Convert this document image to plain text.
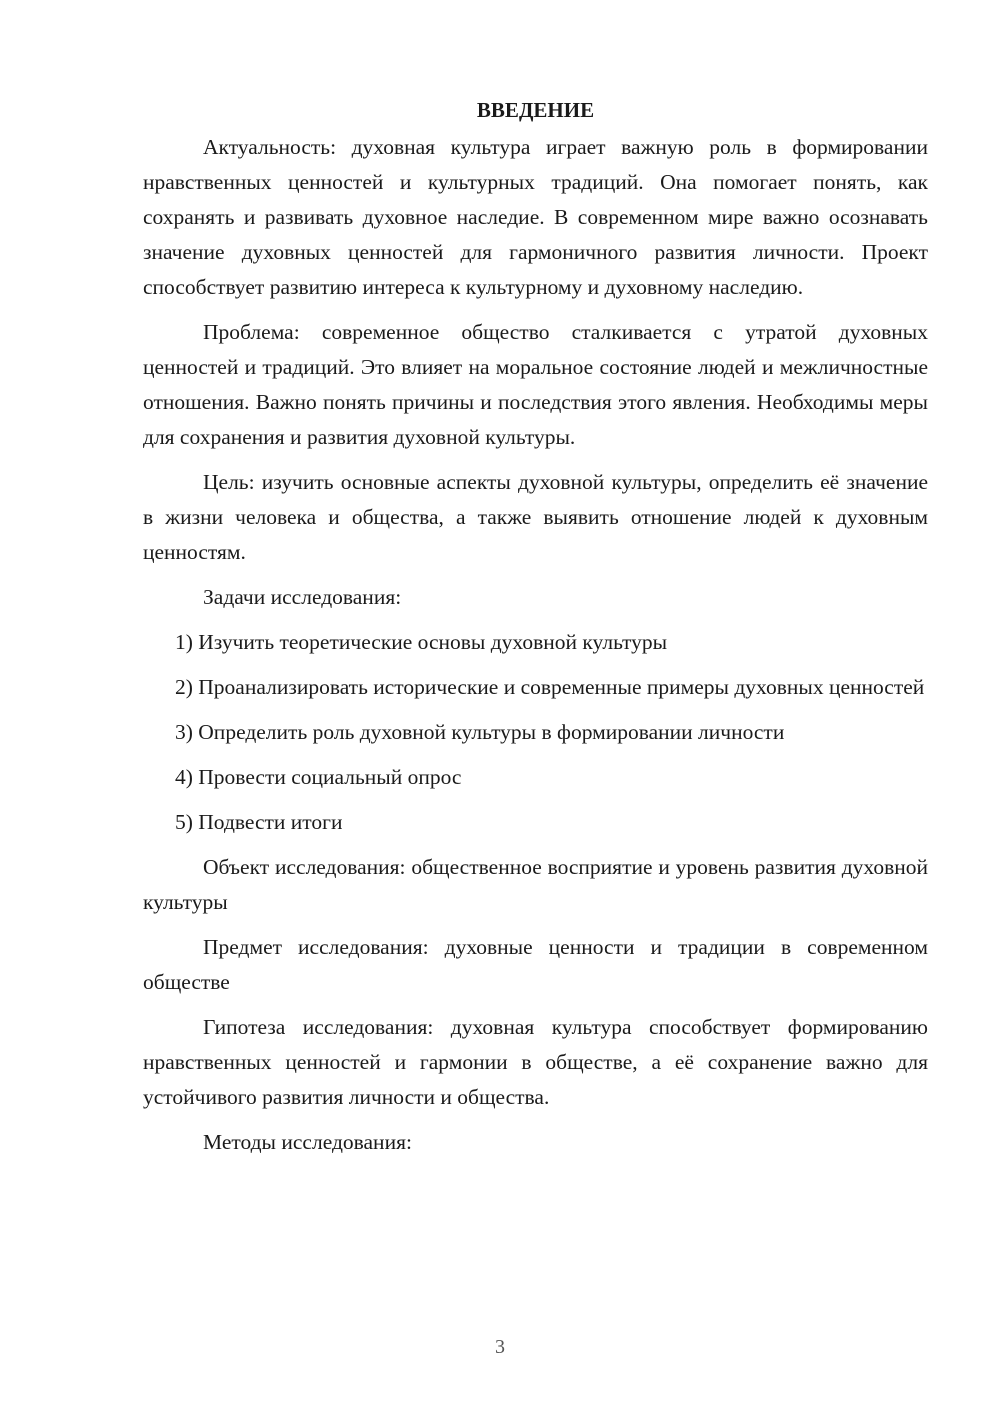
ВВЕДЕНИЕ

Актуальность: духовная культура играет важную роль в формировании нравственных ценностей и культурных традиций. Она помогает понять, как сохранять и развивать духовное наследие. В современном мире важно осознавать значение духовных ценностей для гармоничного развития личности. Проект способствует развитию интереса к культурному и духовному наследию.

Проблема: современное общество сталкивается с утратой духовных ценностей и традиций. Это влияет на моральное состояние людей и межличностные отношения. Важно понять причины и последствия этого явления. Необходимы меры для сохранения и развития духовной культуры.

Цель: изучить основные аспекты духовной культуры, определить её значение в жизни человека и общества, а также выявить отношение людей к духовным ценностям.

Задачи исследования:

1) Изучить теоретические основы духовной культуры

2) Проанализировать исторические и современные примеры духовных ценностей

3) Определить роль духовной культуры в формировании личности

4) Провести социальный опрос

5) Подвести итоги

Объект исследования: общественное восприятие и уровень развития духовной культуры

Предмет исследования: духовные ценности и традиции в современном обществе

Гипотеза исследования: духовная культура способствует формированию нравственных ценностей и гармонии в обществе, а её сохранение важно для устойчивого развития личности и общества.

Методы исследования:

3
